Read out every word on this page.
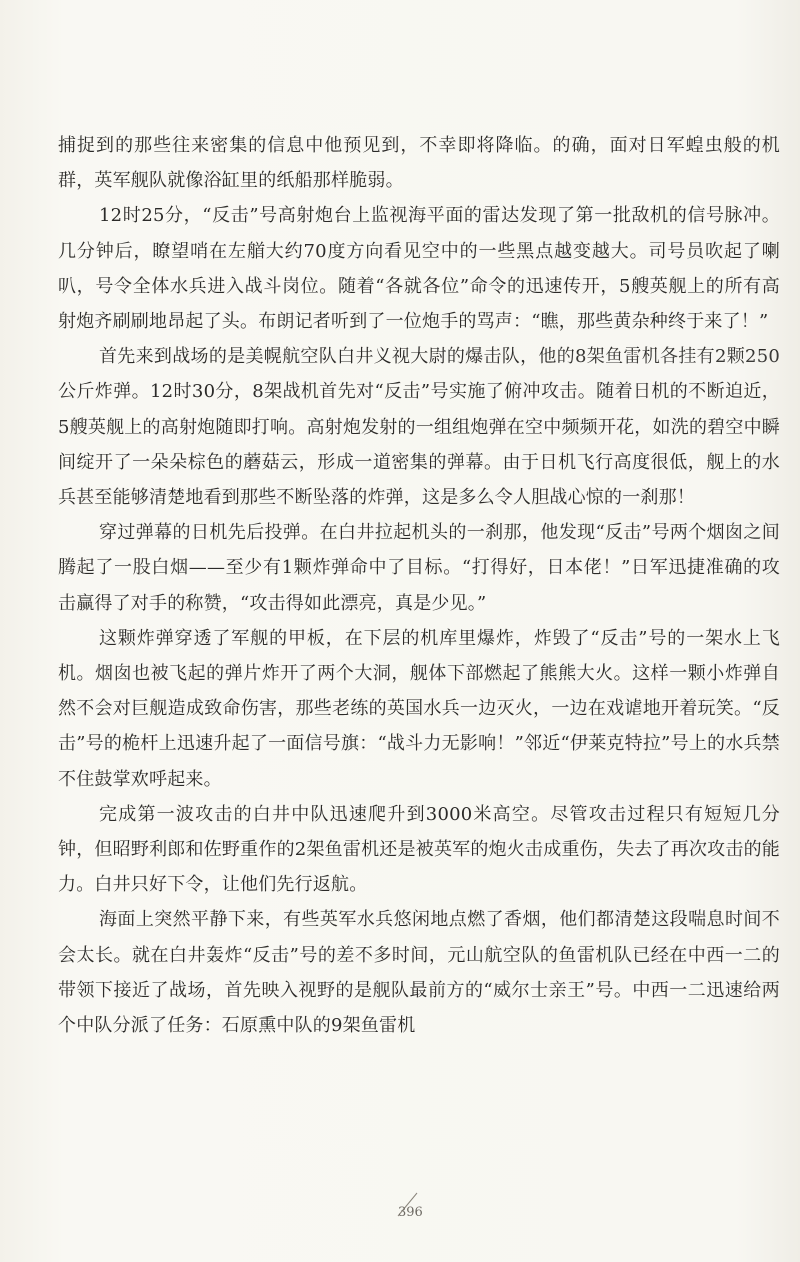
捕捉到的那些往来密集的信息中他预见到，不幸即将降临。的确，面对日军蝗虫般的机群，英军舰队就像浴缸里的纸船那样脆弱。

12时25分，“反击”号高射炮台上监视海平面的雷达发现了第一批敌机的信号脉冲。几分钟后，瞭望哨在左艏大约70度方向看见空中的一些黑点越变越大。司号员吹起了喇叭，号令全体水兵进入战斗岗位。随着“各就各位”命令的迅速传开，5艘英舰上的所有高射炮齐刷刷地昂起了头。布朗记者听到了一位炮手的骂声：“瞧，那些黄杂种终于来了！”

首先来到战场的是美幌航空队白井义视大尉的爆击队，他的8架鱼雷机各挂有2颗250公斤炸弹。12时30分，8架战机首先对“反击”号实施了俯冲攻击。随着日机的不断迫近，5艘英舰上的高射炮随即打响。高射炮发射的一组组炮弹在空中频频开花，如洗的碧空中瞬间绽开了一朵朵棕色的蘑菇云，形成一道密集的弹幕。由于日机飞行高度很低，舰上的水兵甚至能够清楚地看到那些不断坠落的炸弹，这是多么令人胆战心惊的一刹那！

穿过弹幕的日机先后投弹。在白井拉起机头的一刹那，他发现“反击”号两个烟囱之间腾起了一股白烟——至少有1颗炸弹命中了目标。“打得好，日本佬！”日军迅捷准确的攻击赢得了对手的称赞，“攻击得如此漂亮，真是少见。”

这颗炸弹穿透了军舰的甲板，在下层的机库里爆炸，炸毁了“反击”号的一架水上飞机。烟囱也被飞起的弹片炸开了两个大洞，舰体下部燃起了熊熊大火。这样一颗小炸弹自然不会对巨舰造成致命伤害，那些老练的英国水兵一边灭火，一边在戏谑地开着玩笑。“反击”号的桅杆上迅速升起了一面信号旗：“战斗力无影响！”邻近“伊莱克特拉”号上的水兵禁不住鼓掌欢呼起来。

完成第一波攻击的白井中队迅速爬升到3000米高空。尽管攻击过程只有短短几分钟，但昭野利郎和佐野重作的2架鱼雷机还是被英军的炮火击成重伤，失去了再次攻击的能力。白井只好下令，让他们先行返航。

海面上突然平静下来，有些英军水兵悠闲地点燃了香烟，他们都清楚这段喘息时间不会太长。就在白井轰炸“反击”号的差不多时间，元山航空队的鱼雷机队已经在中西一二的带领下接近了战场，首先映入视野的是舰队最前方的“威尔士亲王”号。中西一二迅速给两个中队分派了任务：石原熏中队的9架鱼雷机

396
